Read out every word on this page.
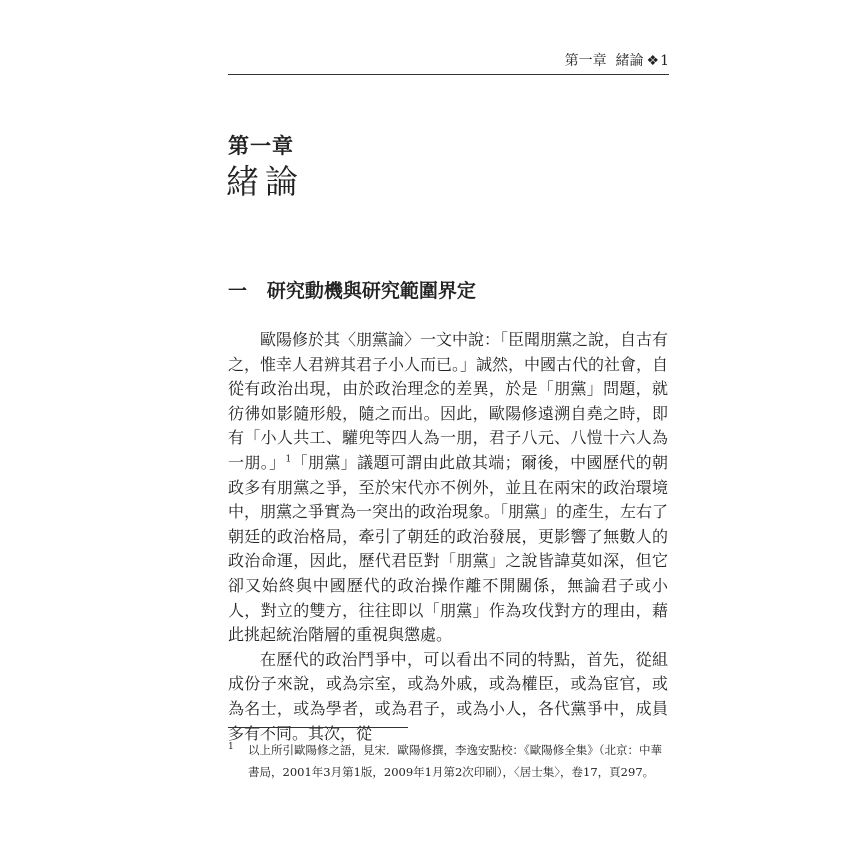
第一章 緒論 ❖1
第一章
緒論
一 研究動機與研究範圍界定

歐陽修於其〈朋黨論〉一文中說：「臣聞朋黨之說，自古有之，惟幸人君辨其君子小人而已。」誠然，中國古代的社會，自從有政治出現，由於政治理念的差異，於是「朋黨」問題，就彷彿如影隨形般，隨之而出。因此，歐陽修遠溯自堯之時，即有「小人共工、驩兜等四人為一朋，君子八元、八愷十六人為一朋。」$^1$「朋黨」議題可謂由此啟其端；爾後，中國歷代的朝政多有朋黨之爭，至於宋代亦不例外，並且在兩宋的政治環境中，朋黨之爭實為一突出的政治現象。「朋黨」的產生，左右了朝廷的政治格局，牽引了朝廷的政治發展，更影響了無數人的政治命運，因此，歷代君臣對「朋黨」之說皆諱莫如深，但它卻又始終與中國歷代的政治操作離不開關係，無論君子或小人，對立的雙方，往往即以「朋黨」作為攻伐對方的理由，藉此挑起統治階層的重視與懲處。

在歷代的政治鬥爭中，可以看出不同的特點，首先，從組成份子來說，或為宗室，或為外戚，或為權臣，或為宦官，或為名士，或為學者，或為君子，或為小人，各代黨爭中，成員多有不同。其次，從

1 以上所引歐陽修之語，見宋．歐陽修撰，李逸安點校：《歐陽修全集》（北京：中華書局，2001年3月第1版，2009年1月第2次印刷），〈居士集〉，卷17，頁297。
